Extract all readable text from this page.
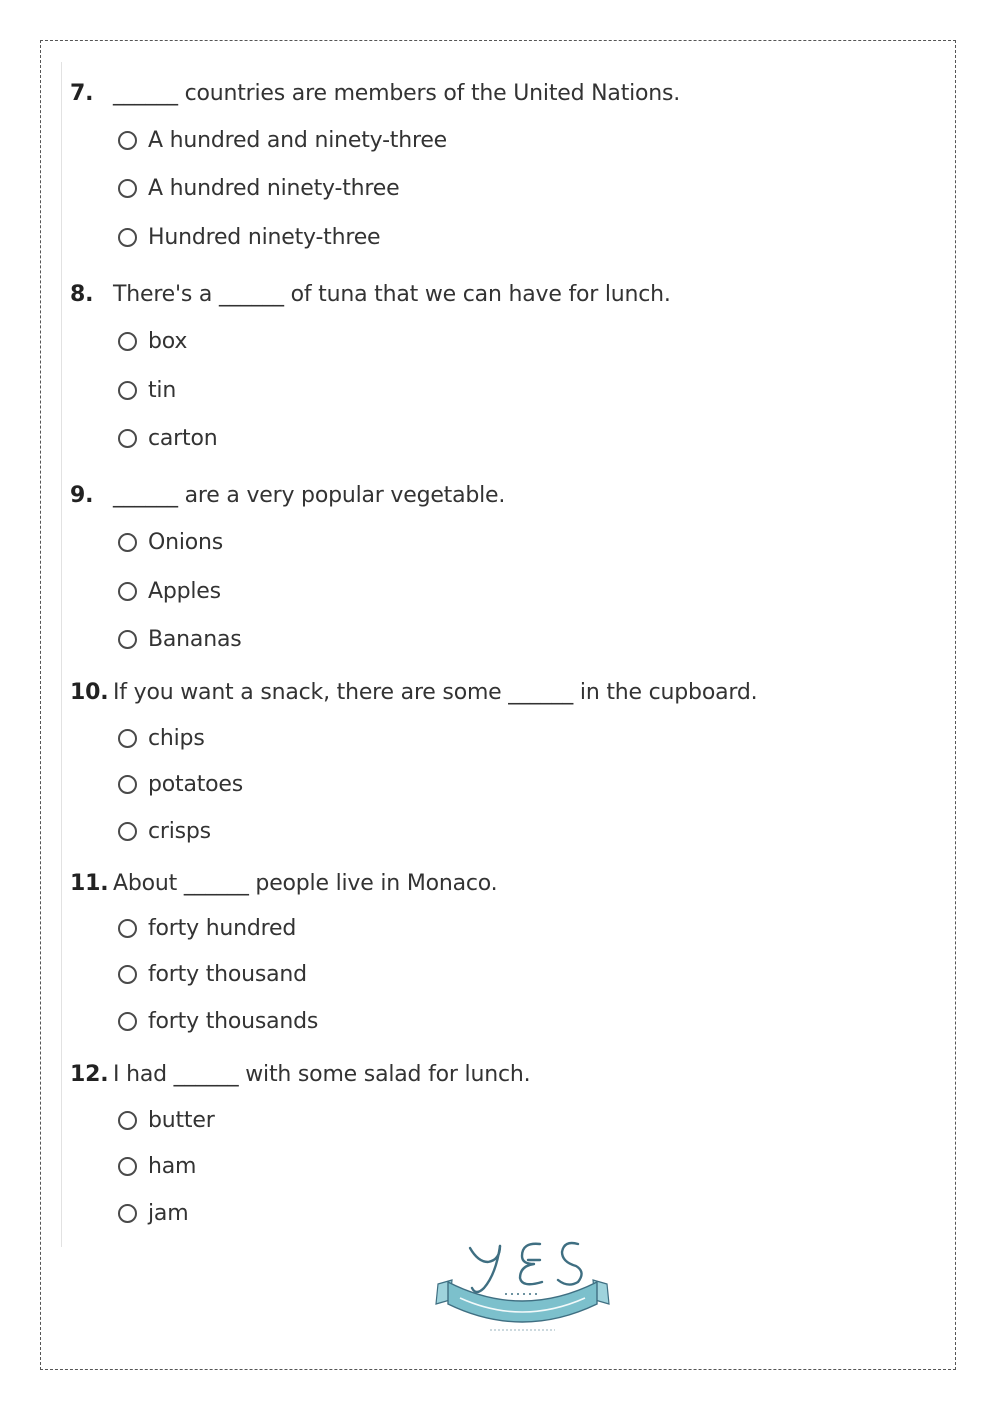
7. ______ countries are members of the United Nations.
A hundred and ninety-three
A hundred ninety-three
Hundred ninety-three
8. There's a ______ of tuna that we can have for lunch.
box
tin
carton
9. ______ are a very popular vegetable.
Onions
Apples
Bananas
10. If you want a snack, there are some ______ in the cupboard.
chips
potatoes
crisps
11. About ______ people live in Monaco.
forty hundred
forty thousand
forty thousands
12. I had ______ with some salad for lunch.
butter
ham
jam
